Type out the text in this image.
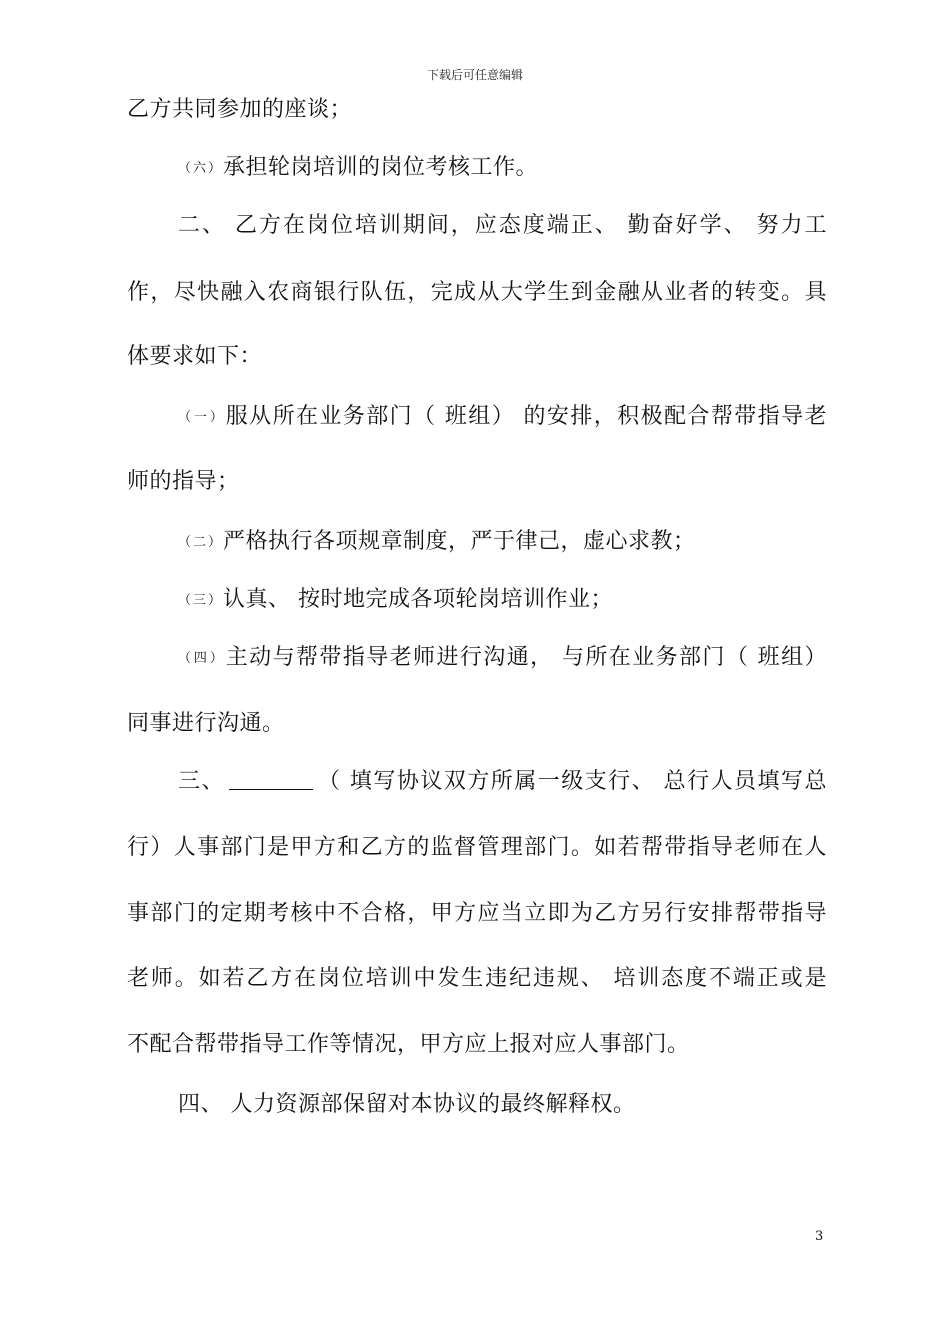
下载后可任意编辑
乙方共同参加的座谈；
（六）承担轮岗培训的岗位考核工作。
二、 乙方在岗位培训期间，应态度端正、 勤奋好学、 努力工
作，尽快融入农商银行队伍，完成从大学生到金融从业者的转变。具
体要求如下：
（一）服从所在业务部门（ 班组） 的安排，积极配合帮带指导老
师的指导；
（二）严格执行各项规章制度，严于律己，虚心求教；
（三）认真、 按时地完成各项轮岗培训作业；
（四）主动与帮带指导老师进行沟通， 与所在业务部门（ 班组）
同事进行沟通。
三、	（ 填写协议双方所属一级支行、 总行人员填写总
行）人事部门是甲方和乙方的监督管理部门。如若帮带指导老师在人
事部门的定期考核中不合格，甲方应当立即为乙方另行安排帮带指导
老师。如若乙方在岗位培训中发生违纪违规、 培训态度不端正或是
不配合帮带指导工作等情况，甲方应上报对应人事部门。
四、 人力资源部保留对本协议的最终解释权。
3
